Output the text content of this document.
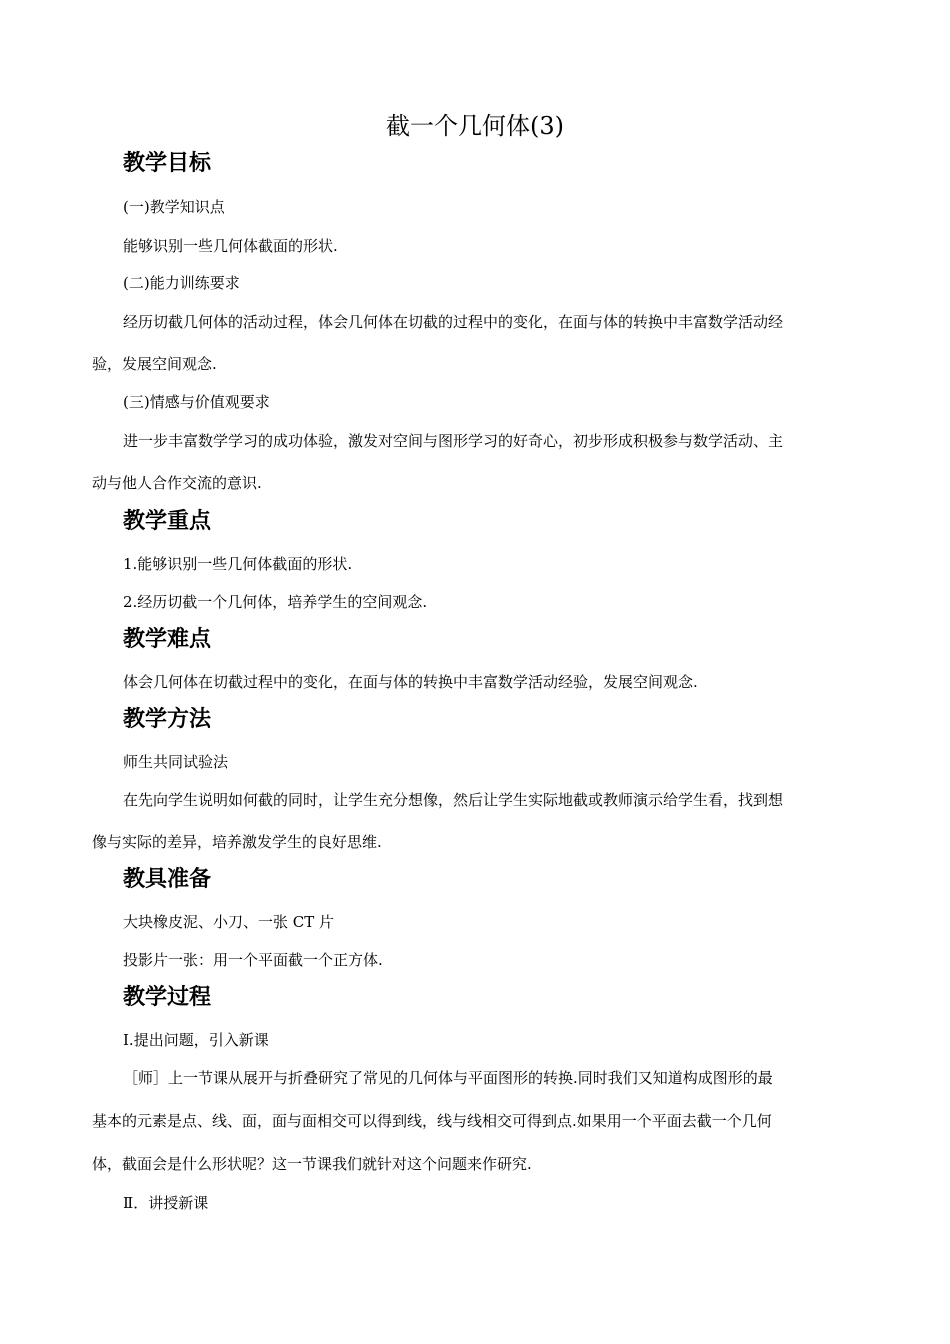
截一个几何体(3)
教学目标
(一)教学知识点
能够识别一些几何体截面的形状.
(二)能力训练要求
经历切截几何体的活动过程，体会几何体在切截的过程中的变化，在面与体的转换中丰富数学活动经
验，发展空间观念.
(三)情感与价值观要求
进一步丰富数学学习的成功体验，激发对空间与图形学习的好奇心，初步形成积极参与数学活动、主
动与他人合作交流的意识.
教学重点
1.能够识别一些几何体截面的形状.
2.经历切截一个几何体，培养学生的空间观念.
教学难点
体会几何体在切截过程中的变化，在面与体的转换中丰富数学活动经验，发展空间观念.
教学方法
师生共同试验法
在先向学生说明如何截的同时，让学生充分想像，然后让学生实际地截或教师演示给学生看，找到想
像与实际的差异，培养激发学生的良好思维.
教具准备
大块橡皮泥、小刀、一张 CT 片
投影片一张：用一个平面截一个正方体.
教学过程
Ⅰ.提出问题，引入新课
［师］上一节课从展开与折叠研究了常见的几何体与平面图形的转换.同时我们又知道构成图形的最
基本的元素是点、线、面，面与面相交可以得到线，线与线相交可得到点.如果用一个平面去截一个几何
体，截面会是什么形状呢？这一节课我们就针对这个问题来作研究.
Ⅱ．讲授新课
